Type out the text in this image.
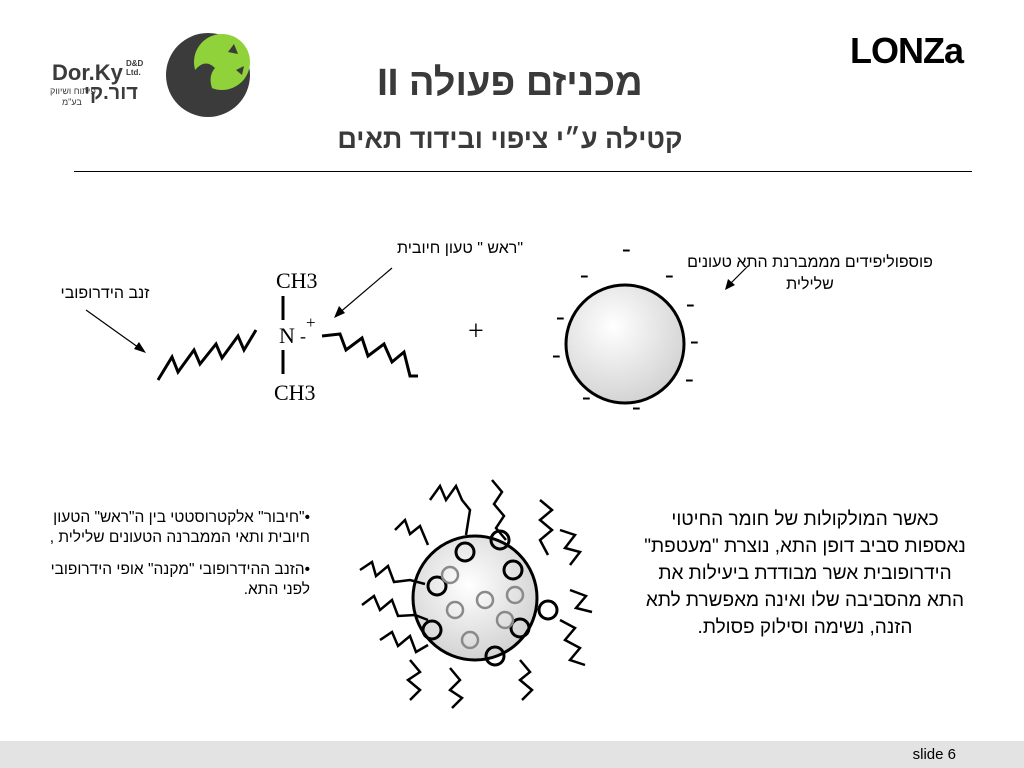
Dor.Ky D&D Ltd.
דור.קי
פיתוח ושיווק
בע"מ
LONZa
מכניזם פעולה II
קטילה ע״י ציפוי ובידוד תאים
זנב הידרופובי
"ראש " טעון חיובית
פוספוליפידים מממברנת התא טעונים
שלילית
CH3
CH3
N
+
-	+
-
-	-
-
-
-
-
-
- -

•"חיבור" אלקטרוסטטי בין ה"ראש" הטעון חיובית ותאי הממברנה הטעונים שלילית ,

•הזנב ההידרופובי "מקנה" אופי הידרופובי לפני התא.

כאשר המולקולות של חומר החיטוי נאספות סביב דופן התא, נוצרת "מעטפת" הידרופובית אשר מבודדת ביעילות את התא מהסביבה שלו ואינה מאפשרת לתא הזנה, נשימה וסילוק פסולת.
slide 6
